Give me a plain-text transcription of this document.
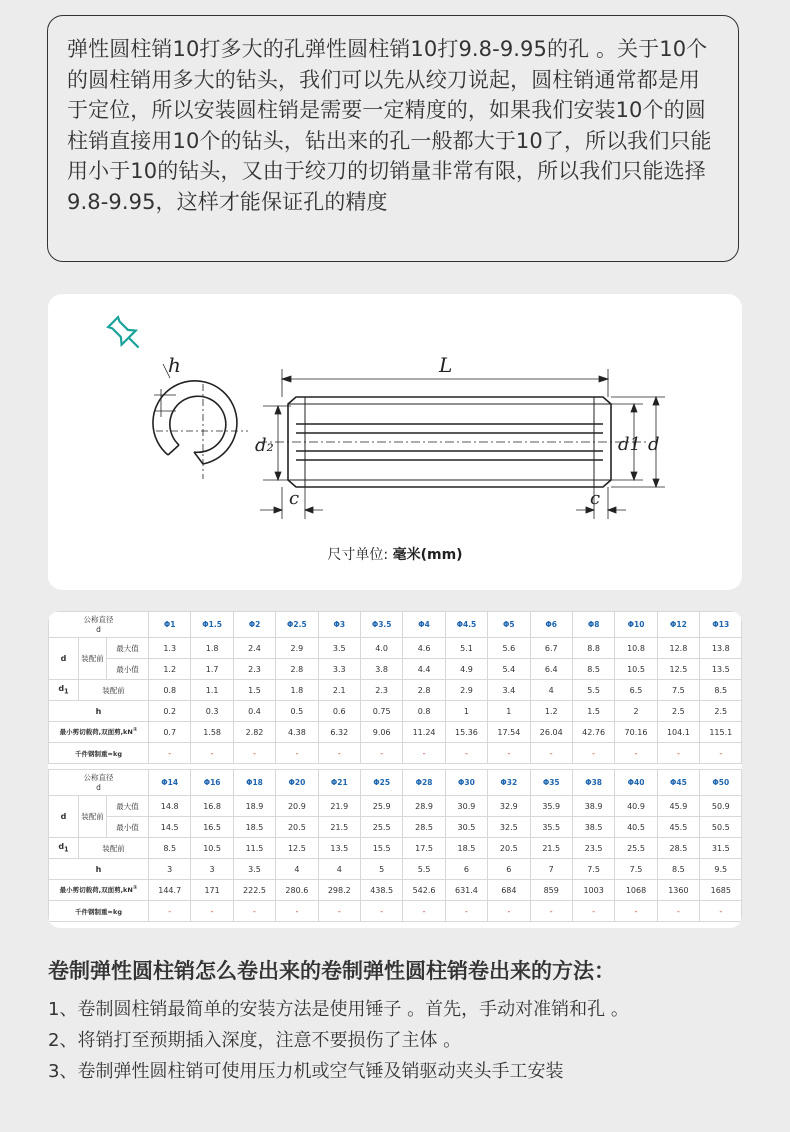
弹性圆柱销10打多大的孔弹性圆柱销10打9.8-9.95的孔 。关于10个的圆柱销用多大的钻头，我们可以先从绞刀说起，圆柱销通常都是用于定位，所以安装圆柱销是需要一定精度的，如果我们安装10个的圆柱销直接用10个的钻头，钻出来的孔一般都大于10了，所以我们只能用小于10的钻头，又由于绞刀的切销量非常有限，所以我们只能选择9.8-9.95，这样才能保证孔的精度

h	L
d₂	d1 d
c	c
尺寸单位: 毫米(mm)
公称直径
d			Φ1	Φ1.5	Φ2	Φ2.5	Φ3	Φ3.5	Φ4	Φ4.5	Φ5	Φ6	Φ8	Φ10	Φ12	Φ13
d	装配前	最大值	1.3	1.8	2.4	2.9	3.5	4.0	4.6	5.1	5.6	6.7	8.8	10.8	12.8	13.8
		最小值	1.2	1.7	2.3	2.8	3.3	3.8	4.4	4.9	5.4	6.4	8.5	10.5	12.5	13.5
$d_1$	装配前		0.8	1.1	1.5	1.8	2.1	2.3	2.8	2.9	3.4	4	5.5	6.5	7.5	8.5
h			0.2	0.3	0.4	0.5	0.6	0.75	0.8	1	1	1.2	1.5	2	2.5	2.5
最小剪切载荷,双面剪,kN①			0.7	1.58	2.82	4.38	6.32	9.06	11.24	15.36	17.54	26.04	42.76	70.16	104.1	115.1
千件钢制重≈kg			-	-	-	-	-	-	-	-	-	-	-	-	-	-
公称直径
d			Φ14	Φ16	Φ18	Φ20	Φ21	Φ25	Φ28	Φ30	Φ32	Φ35	Φ38	Φ40	Φ45	Φ50
d	装配前	最大值	14.8	16.8	18.9	20.9	21.9	25.9	28.9	30.9	32.9	35.9	38.9	40.9	45.9	50.9
		最小值	14.5	16.5	18.5	20.5	21.5	25.5	28.5	30.5	32.5	35.5	38.5	40.5	45.5	50.5
$d_1$	装配前		8.5	10.5	11.5	12.5	13.5	15.5	17.5	18.5	20.5	21.5	23.5	25.5	28.5	31.5
h			3	3	3.5	4	4	5	5.5	6	6	7	7.5	7.5	8.5	9.5
最小剪切载荷,双面剪,kN①			144.7	171	222.5	280.6	298.2	438.5	542.6	631.4	684	859	1003	1068	1360	1685
千件钢制重≈kg			-	-	-	-	-	-	-	-	-	-	-	-	-	-

卷制弹性圆柱销怎么卷出来的卷制弹性圆柱销卷出来的方法：

1、卷制圆柱销最简单的安装方法是使用锤子 。首先，手动对准销和孔 。

2、将销打至预期插入深度，注意不要损伤了主体 。

3、卷制弹性圆柱销可使用压力机或空气锤及销驱动夹头手工安装
